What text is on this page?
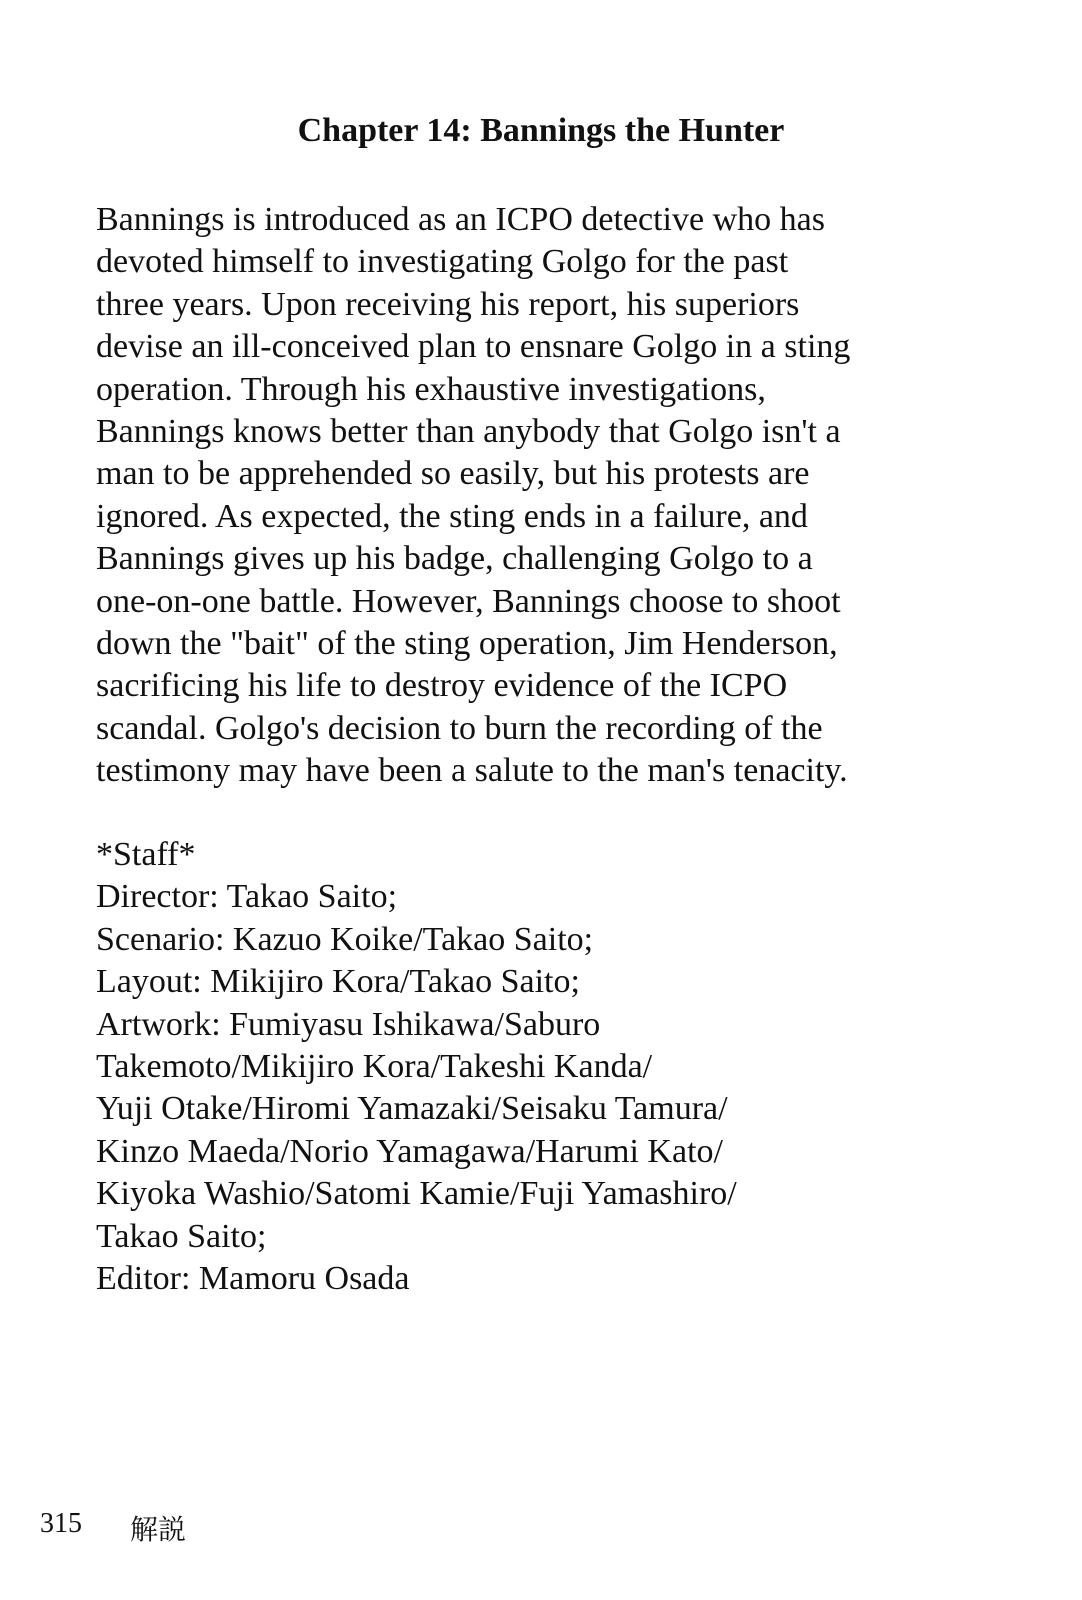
Chapter 14: Bannings the Hunter
Bannings is introduced as an ICPO detective who has
devoted himself to investigating Golgo for the past
three years. Upon receiving his report, his superiors
devise an ill-conceived plan to ensnare Golgo in a sting
operation. Through his exhaustive investigations,
Bannings knows better than anybody that Golgo isn't a
man to be apprehended so easily, but his protests are
ignored. As expected, the sting ends in a failure, and
Bannings gives up his badge, challenging Golgo to a
one-on-one battle. However, Bannings choose to shoot
down the "bait" of the sting operation, Jim Henderson,
sacrificing his life to destroy evidence of the ICPO
scandal. Golgo's decision to burn the recording of the
testimony may have been a salute to the man's tenacity.
*Staff*
Director: Takao Saito;
Scenario: Kazuo Koike/Takao Saito;
Layout: Mikijiro Kora/Takao Saito;
Artwork: Fumiyasu Ishikawa/Saburo
Takemoto/Mikijiro Kora/Takeshi Kanda/
Yuji Otake/Hiromi Yamazaki/Seisaku Tamura/
Kinzo Maeda/Norio Yamagawa/Harumi Kato/
Kiyoka Washio/Satomi Kamie/Fuji Yamashiro/
Takao Saito;
Editor: Mamoru Osada
315 解説
